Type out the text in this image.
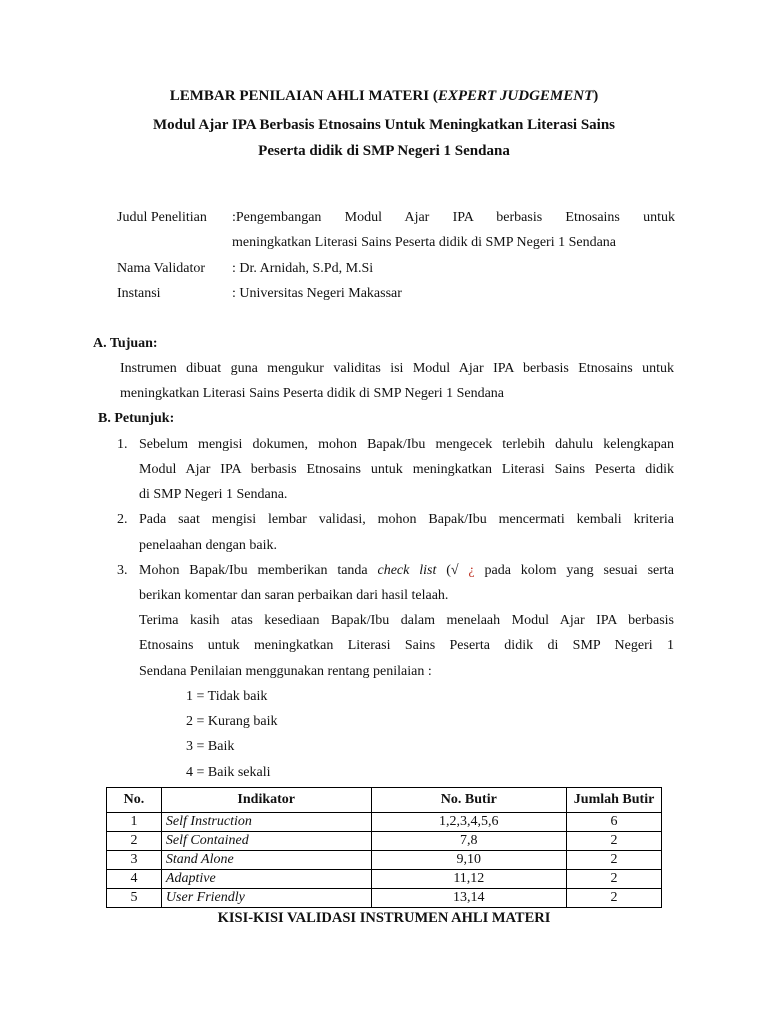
LEMBAR PENILAIAN AHLI MATERI (EXPERT JUDGEMENT)
Modul Ajar IPA Berbasis Etnosains Untuk Meningkatkan Literasi Sains
Peserta didik di SMP Negeri 1 Sendana
Judul Penelitian :Pengembangan Modul Ajar IPA berbasis Etnosains untuk
meningkatkan Literasi Sains Peserta didik di SMP Negeri 1 Sendana
Nama Validator : Dr. Arnidah, S.Pd, M.Si
Instansi	: Universitas Negeri Makassar
A. Tujuan:
Instrumen dibuat guna mengukur validitas isi Modul Ajar IPA berbasis Etnosains untuk
meningkatkan Literasi Sains Peserta didik di SMP Negeri 1 Sendana
B. Petunjuk:
1. Sebelum mengisi dokumen, mohon Bapak/Ibu mengecek terlebih dahulu kelengkapan
Modul Ajar IPA berbasis Etnosains untuk meningkatkan Literasi Sains Peserta didik
di SMP Negeri 1 Sendana.
2. Pada saat mengisi lembar validasi, mohon Bapak/Ibu mencermati kembali kriteria
penelaahan dengan baik.
3. Mohon Bapak/Ibu memberikan tanda check list (√ ¿ pada kolom yang sesuai serta
berikan komentar dan saran perbaikan dari hasil telaah.
Terima kasih atas kesediaan Bapak/Ibu dalam menelaah Modul Ajar IPA berbasis
Etnosains untuk meningkatkan Literasi Sains Peserta didik di SMP Negeri 1
Sendana Penilaian menggunakan rentang penilaian :
1 = Tidak baik
2 = Kurang baik
3 = Baik
4 = Baik sekali
No.	Indikator	No. Butir	Jumlah Butir
1	Self Instruction	1,2,3,4,5,6	6
2	Self Contained	7,8	2
3	Stand Alone	9,10	2
4	Adaptive	11,12	2
5	User Friendly	13,14	2
KISI-KISI VALIDASI INSTRUMEN AHLI MATERI
